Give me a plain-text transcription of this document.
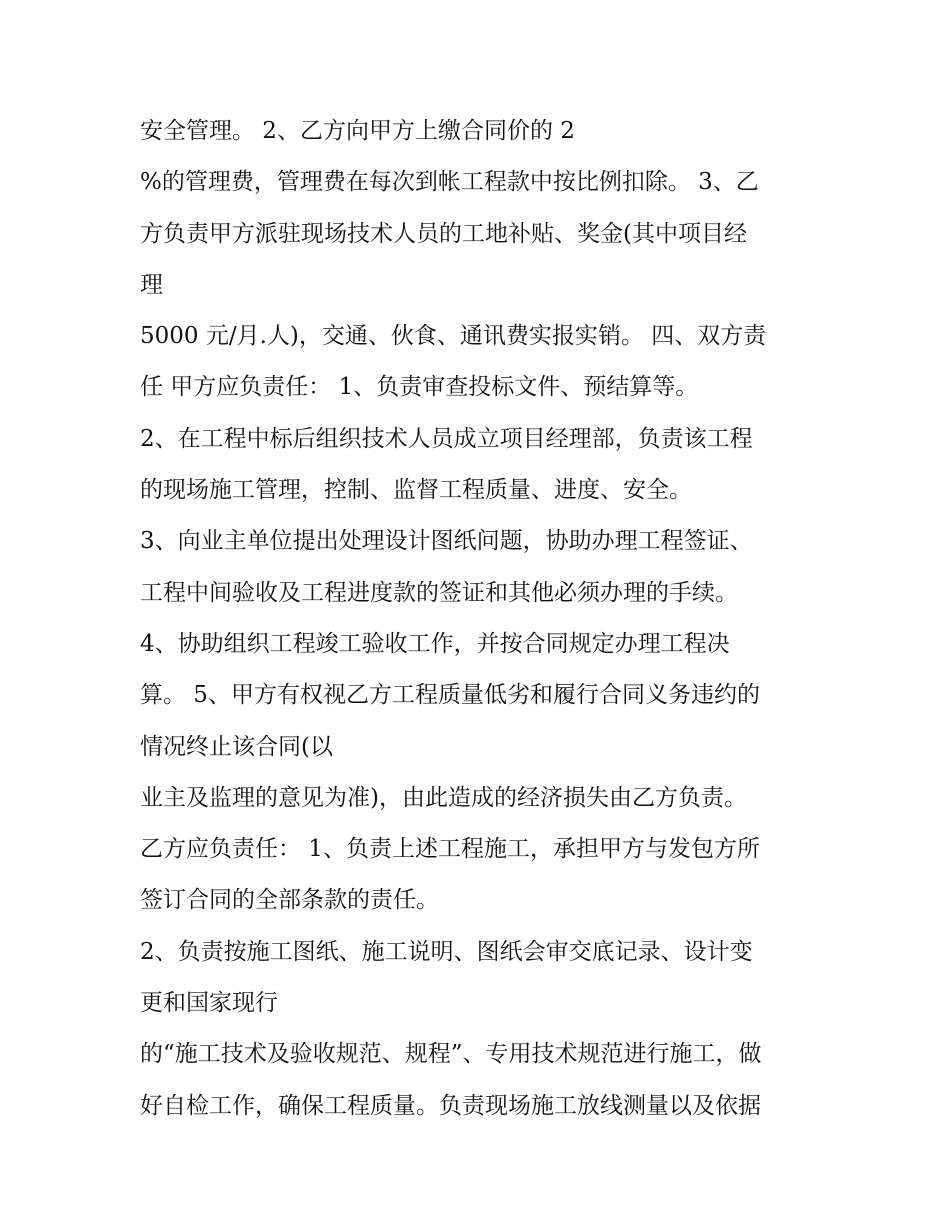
安全管理。 2、乙方向甲方上缴合同价的 2
%的管理费，管理费在每次到帐工程款中按比例扣除。 3、乙
方负责甲方派驻现场技术人员的工地补贴、奖金(其中项目经
理
5000 元/月.人)，交通、伙食、通讯费实报实销。 四、双方责
任 甲方应负责任： 1、负责审查投标文件、预结算等。
2、在工程中标后组织技术人员成立项目经理部，负责该工程
的现场施工管理，控制、监督工程质量、进度、安全。
3、向业主单位提出处理设计图纸问题，协助办理工程签证、
工程中间验收及工程进度款的签证和其他必须办理的手续。
4、协助组织工程竣工验收工作，并按合同规定办理工程决
算。 5、甲方有权视乙方工程质量低劣和履行合同义务违约的
情况终止该合同(以
业主及监理的意见为准)，由此造成的经济损失由乙方负责。
乙方应负责任： 1、负责上述工程施工，承担甲方与发包方所
签订合同的全部条款的责任。
2、负责按施工图纸、施工说明、图纸会审交底记录、设计变
更和国家现行
的“施工技术及验收规范、规程”、专用技术规范进行施工，做
好自检工作，确保工程质量。负责现场施工放线测量以及依据
